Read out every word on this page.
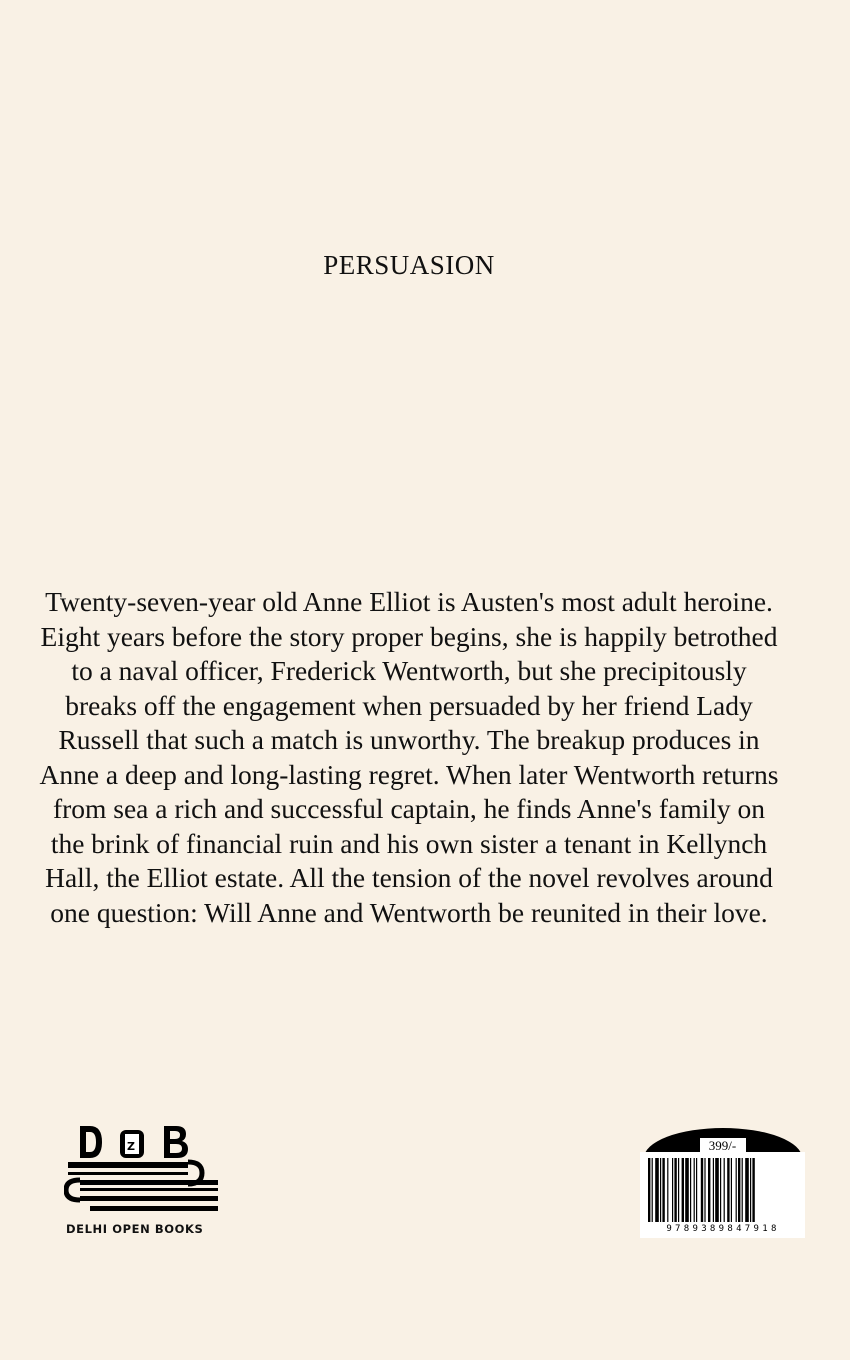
PERSUASION
Twenty-seven-year old Anne Elliot is Austen's most adult heroine.
Eight years before the story proper begins, she is happily betrothed
to a naval officer, Frederick Wentworth, but she precipitously
breaks off the engagement when persuaded by her friend Lady
Russell that such a match is unworthy. The breakup produces in
Anne a deep and long-lasting regret. When later Wentworth returns
from sea a rich and successful captain, he finds Anne's family on
the brink of financial ruin and his own sister a tenant in Kellynch
Hall, the Elliot estate. All the tension of the novel revolves around
one question: Will Anne and Wentworth be reunited in their love.
Z
DELHI OPEN BOOKS
399/-
9789389847918
